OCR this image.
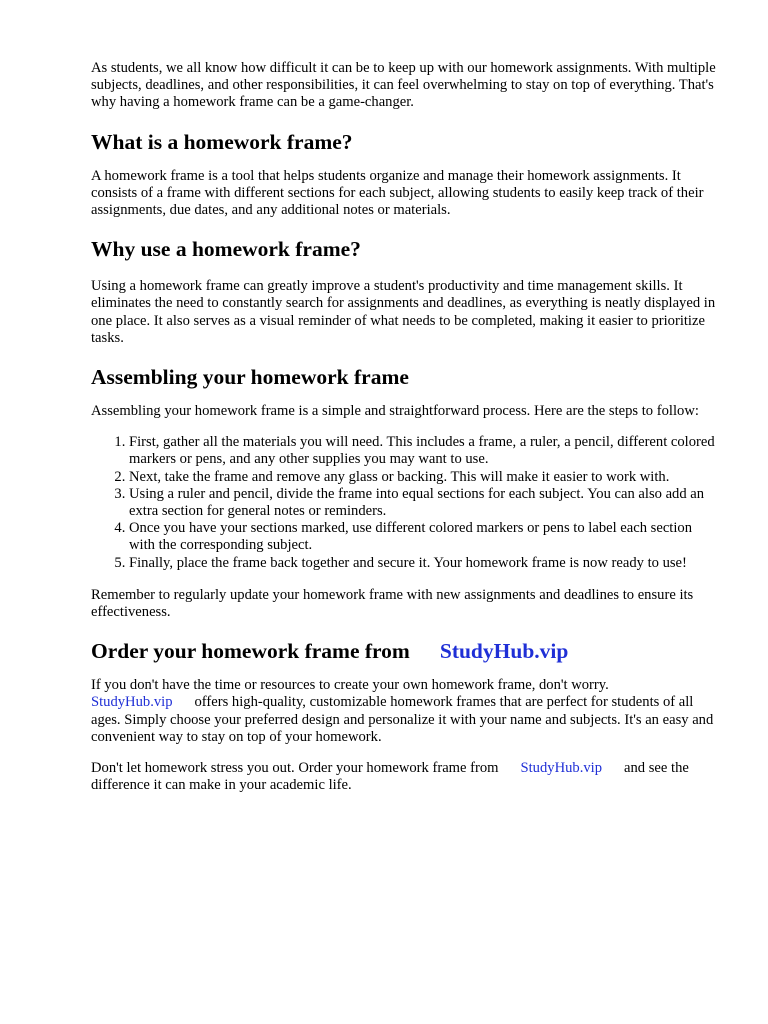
As students, we all know how difficult it can be to keep up with our homework assignments. With multiple subjects, deadlines, and other responsibilities, it can feel overwhelming to stay on top of everything. That's why having a homework frame can be a game-changer.

What is a homework frame?

A homework frame is a tool that helps students organize and manage their homework assignments. It consists of a frame with different sections for each subject, allowing students to easily keep track of their assignments, due dates, and any additional notes or materials.

Why use a homework frame?

Using a homework frame can greatly improve a student's productivity and time management skills. It eliminates the need to constantly search for assignments and deadlines, as everything is neatly displayed in one place. It also serves as a visual reminder of what needs to be completed, making it easier to prioritize tasks.

Assembling your homework frame

Assembling your homework frame is a simple and straightforward process. Here are the steps to follow:

1. First, gather all the materials you will need. This includes a frame, a ruler, a pencil, different colored markers or pens, and any other supplies you may want to use.
2. Next, take the frame and remove any glass or backing. This will make it easier to work with.
3. Using a ruler and pencil, divide the frame into equal sections for each subject. You can also add an extra section for general notes or reminders.
4. Once you have your sections marked, use different colored markers or pens to label each section with the corresponding subject.
5. Finally, place the frame back together and secure it. Your homework frame is now ready to use!

Remember to regularly update your homework frame with new assignments and deadlines to ensure its effectiveness.

Order your homework frame from StudyHub.vip

If you don't have the time or resources to create your own homework frame, don't worry.
StudyHub.vip offers high-quality, customizable homework frames that are perfect for students of all ages. Simply choose your preferred design and personalize it with your name and subjects. It's an easy and convenient way to stay on top of your homework.

Don't let homework stress you out. Order your homework frame from StudyHub.vip and see the difference it can make in your academic life.
